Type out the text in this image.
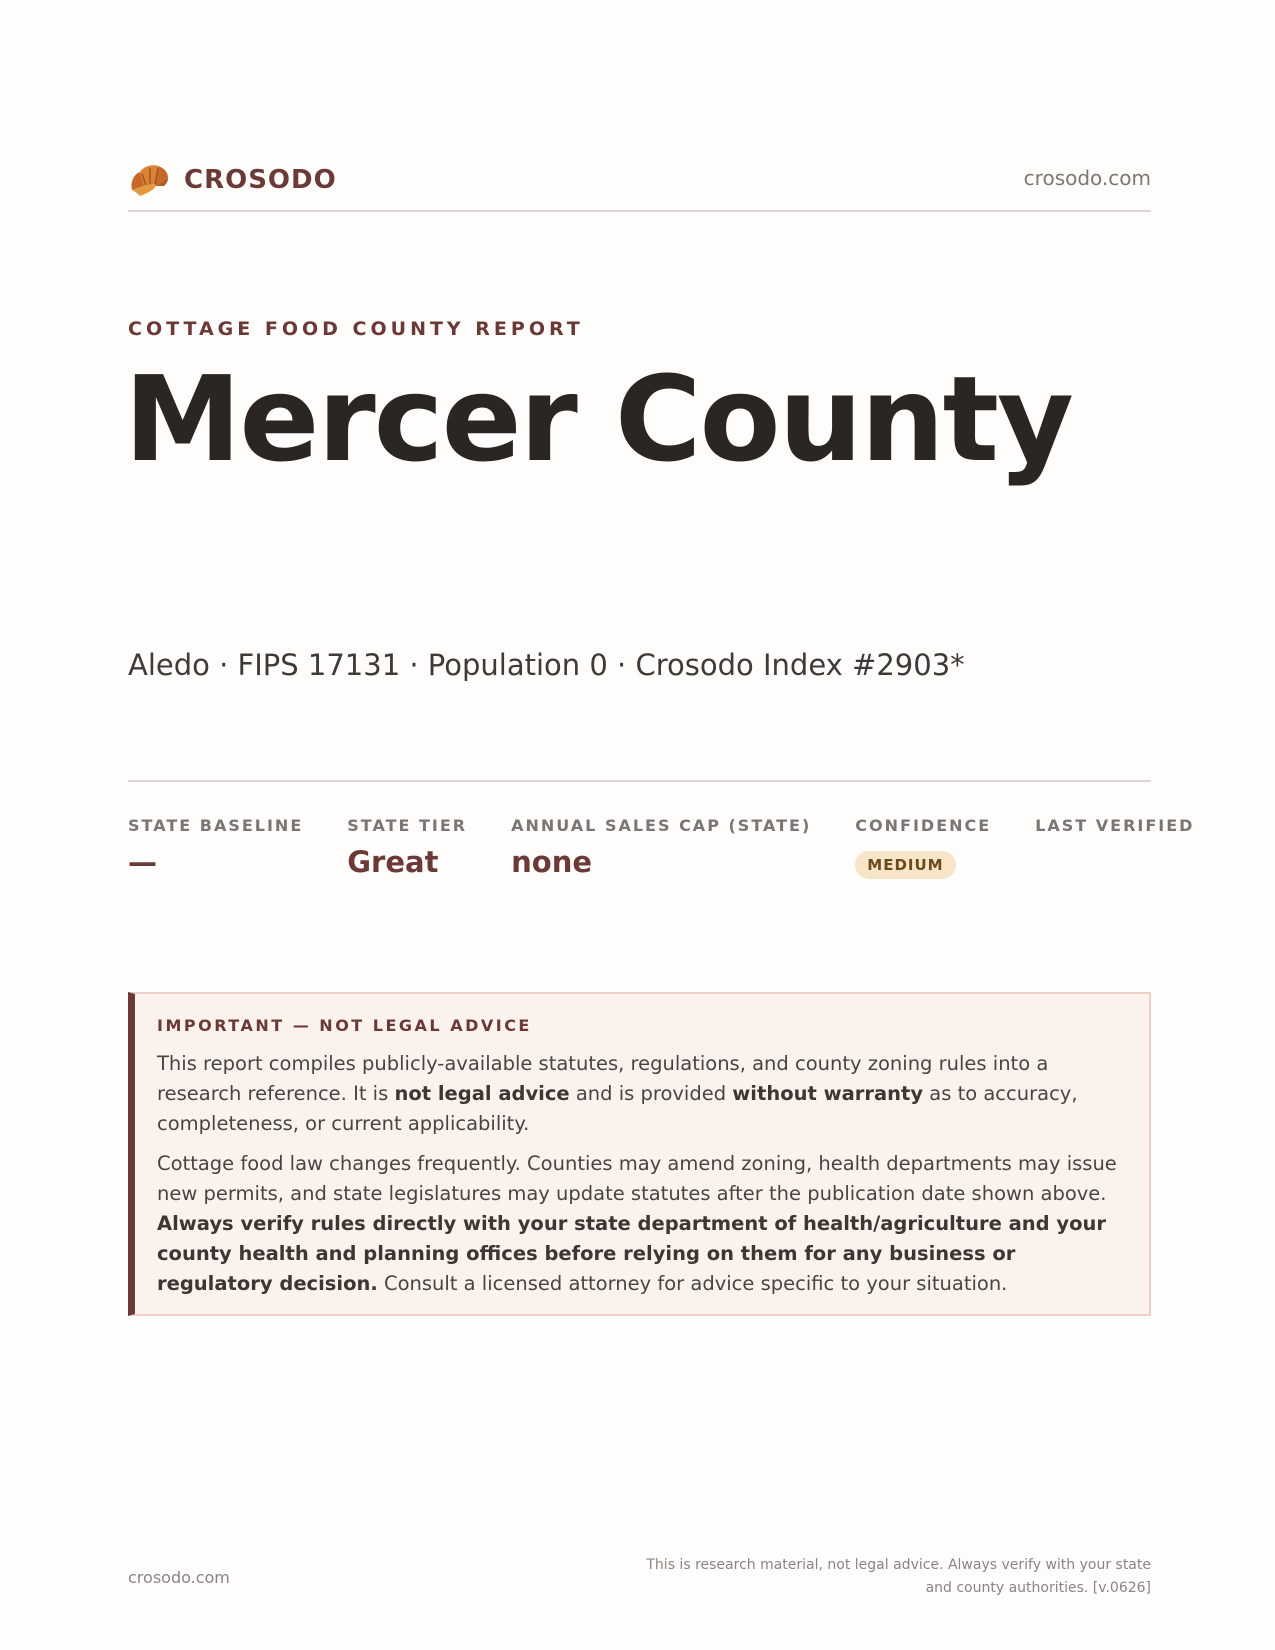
CROSODO	crosodo.com
COTTAGE FOOD COUNTY REPORT
Mercer County
Aledo · FIPS 17131 · Population 0 · Crosodo Index #2903*
STATE BASELINE
—
STATE TIER
Great
ANNUAL SALES CAP (STATE)
none
CONFIDENCE
MEDIUM
LAST VERIFIED
IMPORTANT — NOT LEGAL ADVICE

This report compiles publicly-available statutes, regulations, and county zoning rules into a research reference. It is not legal advice and is provided without warranty as to accuracy, completeness, or current applicability.

Cottage food law changes frequently. Counties may amend zoning, health departments may issue new permits, and state legislatures may update statutes after the publication date shown above. Always verify rules directly with your state department of health/agriculture and your county health and planning offices before relying on them for any business or regulatory decision. Consult a licensed attorney for advice specific to your situation.

crosodo.com
This is research material, not legal advice. Always verify with your state
and county authorities. [v.0626]
